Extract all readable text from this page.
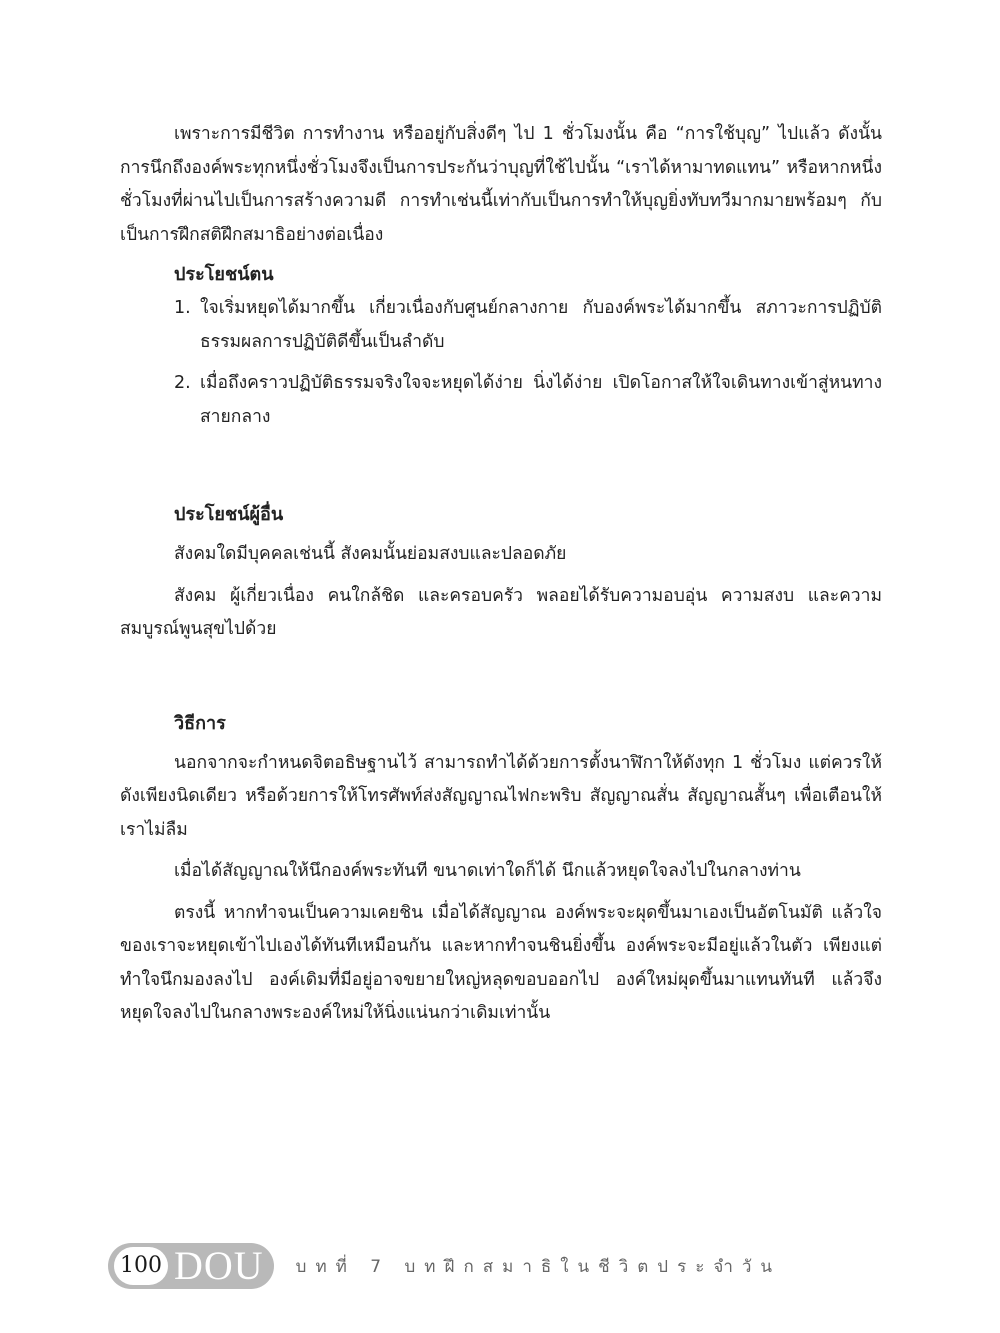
เพราะการมีชีวิต การทำงาน หรืออยู่กับสิ่งดีๆ ไป 1 ชั่วโมงนั้น คือ “การใช้บุญ” ไปแล้ว ดังนั้น การนึกถึงองค์พระทุกหนึ่งชั่วโมงจึงเป็นการประกันว่าบุญที่ใช้ไปนั้น “เราได้หามาทดแทน” หรือหากหนึ่งชั่วโมงที่ผ่านไปเป็นการสร้างความดี การทำเช่นนี้เท่ากับเป็นการทำให้บุญยิ่งทับทวีมากมายพร้อมๆ กับเป็นการฝึกสติฝึกสมาธิอย่างต่อเนื่อง

ประโยชน์ตน

1. ใจเริ่มหยุดได้มากขึ้น เกี่ยวเนื่องกับศูนย์กลางกาย กับองค์พระได้มากขึ้น สภาวะการปฏิบัติธรรมผลการปฏิบัติดีขึ้นเป็นลำดับ
2. เมื่อถึงคราวปฏิบัติธรรมจริงใจจะหยุดได้ง่าย นิ่งได้ง่าย เปิดโอกาสให้ใจเดินทางเข้าสู่หนทางสายกลาง

ประโยชน์ผู้อื่น

สังคมใดมีบุคคลเช่นนี้ สังคมนั้นย่อมสงบและปลอดภัย

สังคม ผู้เกี่ยวเนื่อง คนใกล้ชิด และครอบครัว พลอยได้รับความอบอุ่น ความสงบ และความสมบูรณ์พูนสุขไปด้วย

วิธีการ

นอกจากจะกำหนดจิตอธิษฐานไว้ สามารถทำได้ด้วยการตั้งนาฬิกาให้ดังทุก 1 ชั่วโมง แต่ควรให้ดังเพียงนิดเดียว หรือด้วยการให้โทรศัพท์ส่งสัญญาณไฟกะพริบ สัญญาณสั่น สัญญาณสั้นๆ เพื่อเตือนให้เราไม่ลืม

เมื่อได้สัญญาณให้นึกองค์พระทันที ขนาดเท่าใดก็ได้ นึกแล้วหยุดใจลงไปในกลางท่าน

ตรงนี้ หากทำจนเป็นความเคยชิน เมื่อได้สัญญาณ องค์พระจะผุดขึ้นมาเองเป็นอัตโนมัติ แล้วใจของเราจะหยุดเข้าไปเองได้ทันทีเหมือนกัน และหากทำจนชินยิ่งขึ้น องค์พระจะมีอยู่แล้วในตัว เพียงแต่ทำใจนึกมองลงไป องค์เดิมที่มีอยู่อาจขยายใหญ่หลุดขอบออกไป องค์ใหม่ผุดขึ้นมาแทนทันที แล้วจึงหยุดใจลงไปในกลางพระองค์ใหม่ให้นิ่งแน่นกว่าเดิมเท่านั้น

100 DOU บทที่ 7 บทฝึกสมาธิในชีวิตประจำวัน
